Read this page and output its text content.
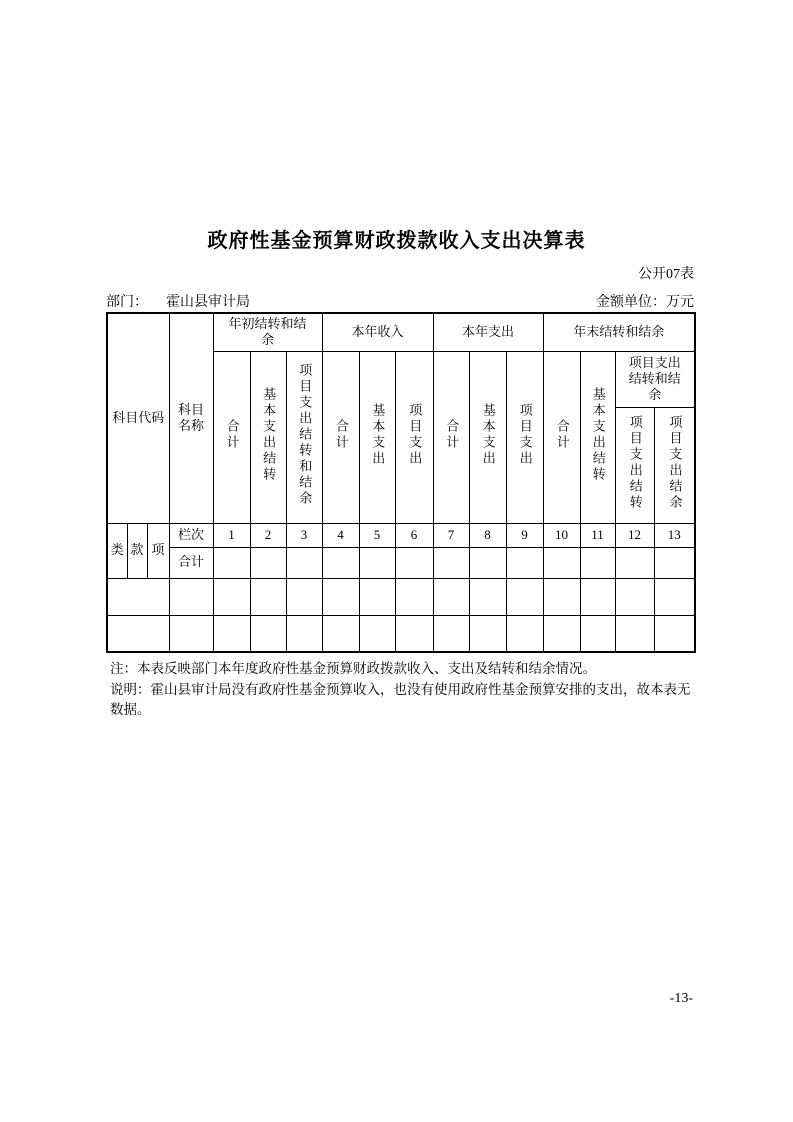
政府性基金预算财政拨款收入支出决算表
公开07表
部门： 霍山县审计局	金额单位：万元
科目代码			科目名称	年初结转和结余			本年收入			本年支出			年末结转和结余			
				合计	基本支出结转	项目支出结转和结余	合计	基本支出	项目支出	合计	基本支出	项目支出	合计	基本支出结转	项目支出结转和结余	
															项目支出结转	项目支出结余
类	款	项	栏次	1	2	3	4	5	6	7	8	9	10	11	12	13
			合计													

注：本表反映部门本年度政府性基金预算财政拨款收入、支出及结转和结余情况。
说明：霍山县审计局没有政府性基金预算收入，也没有使用政府性基金预算安排的支出，故本表无数据。
-13-
